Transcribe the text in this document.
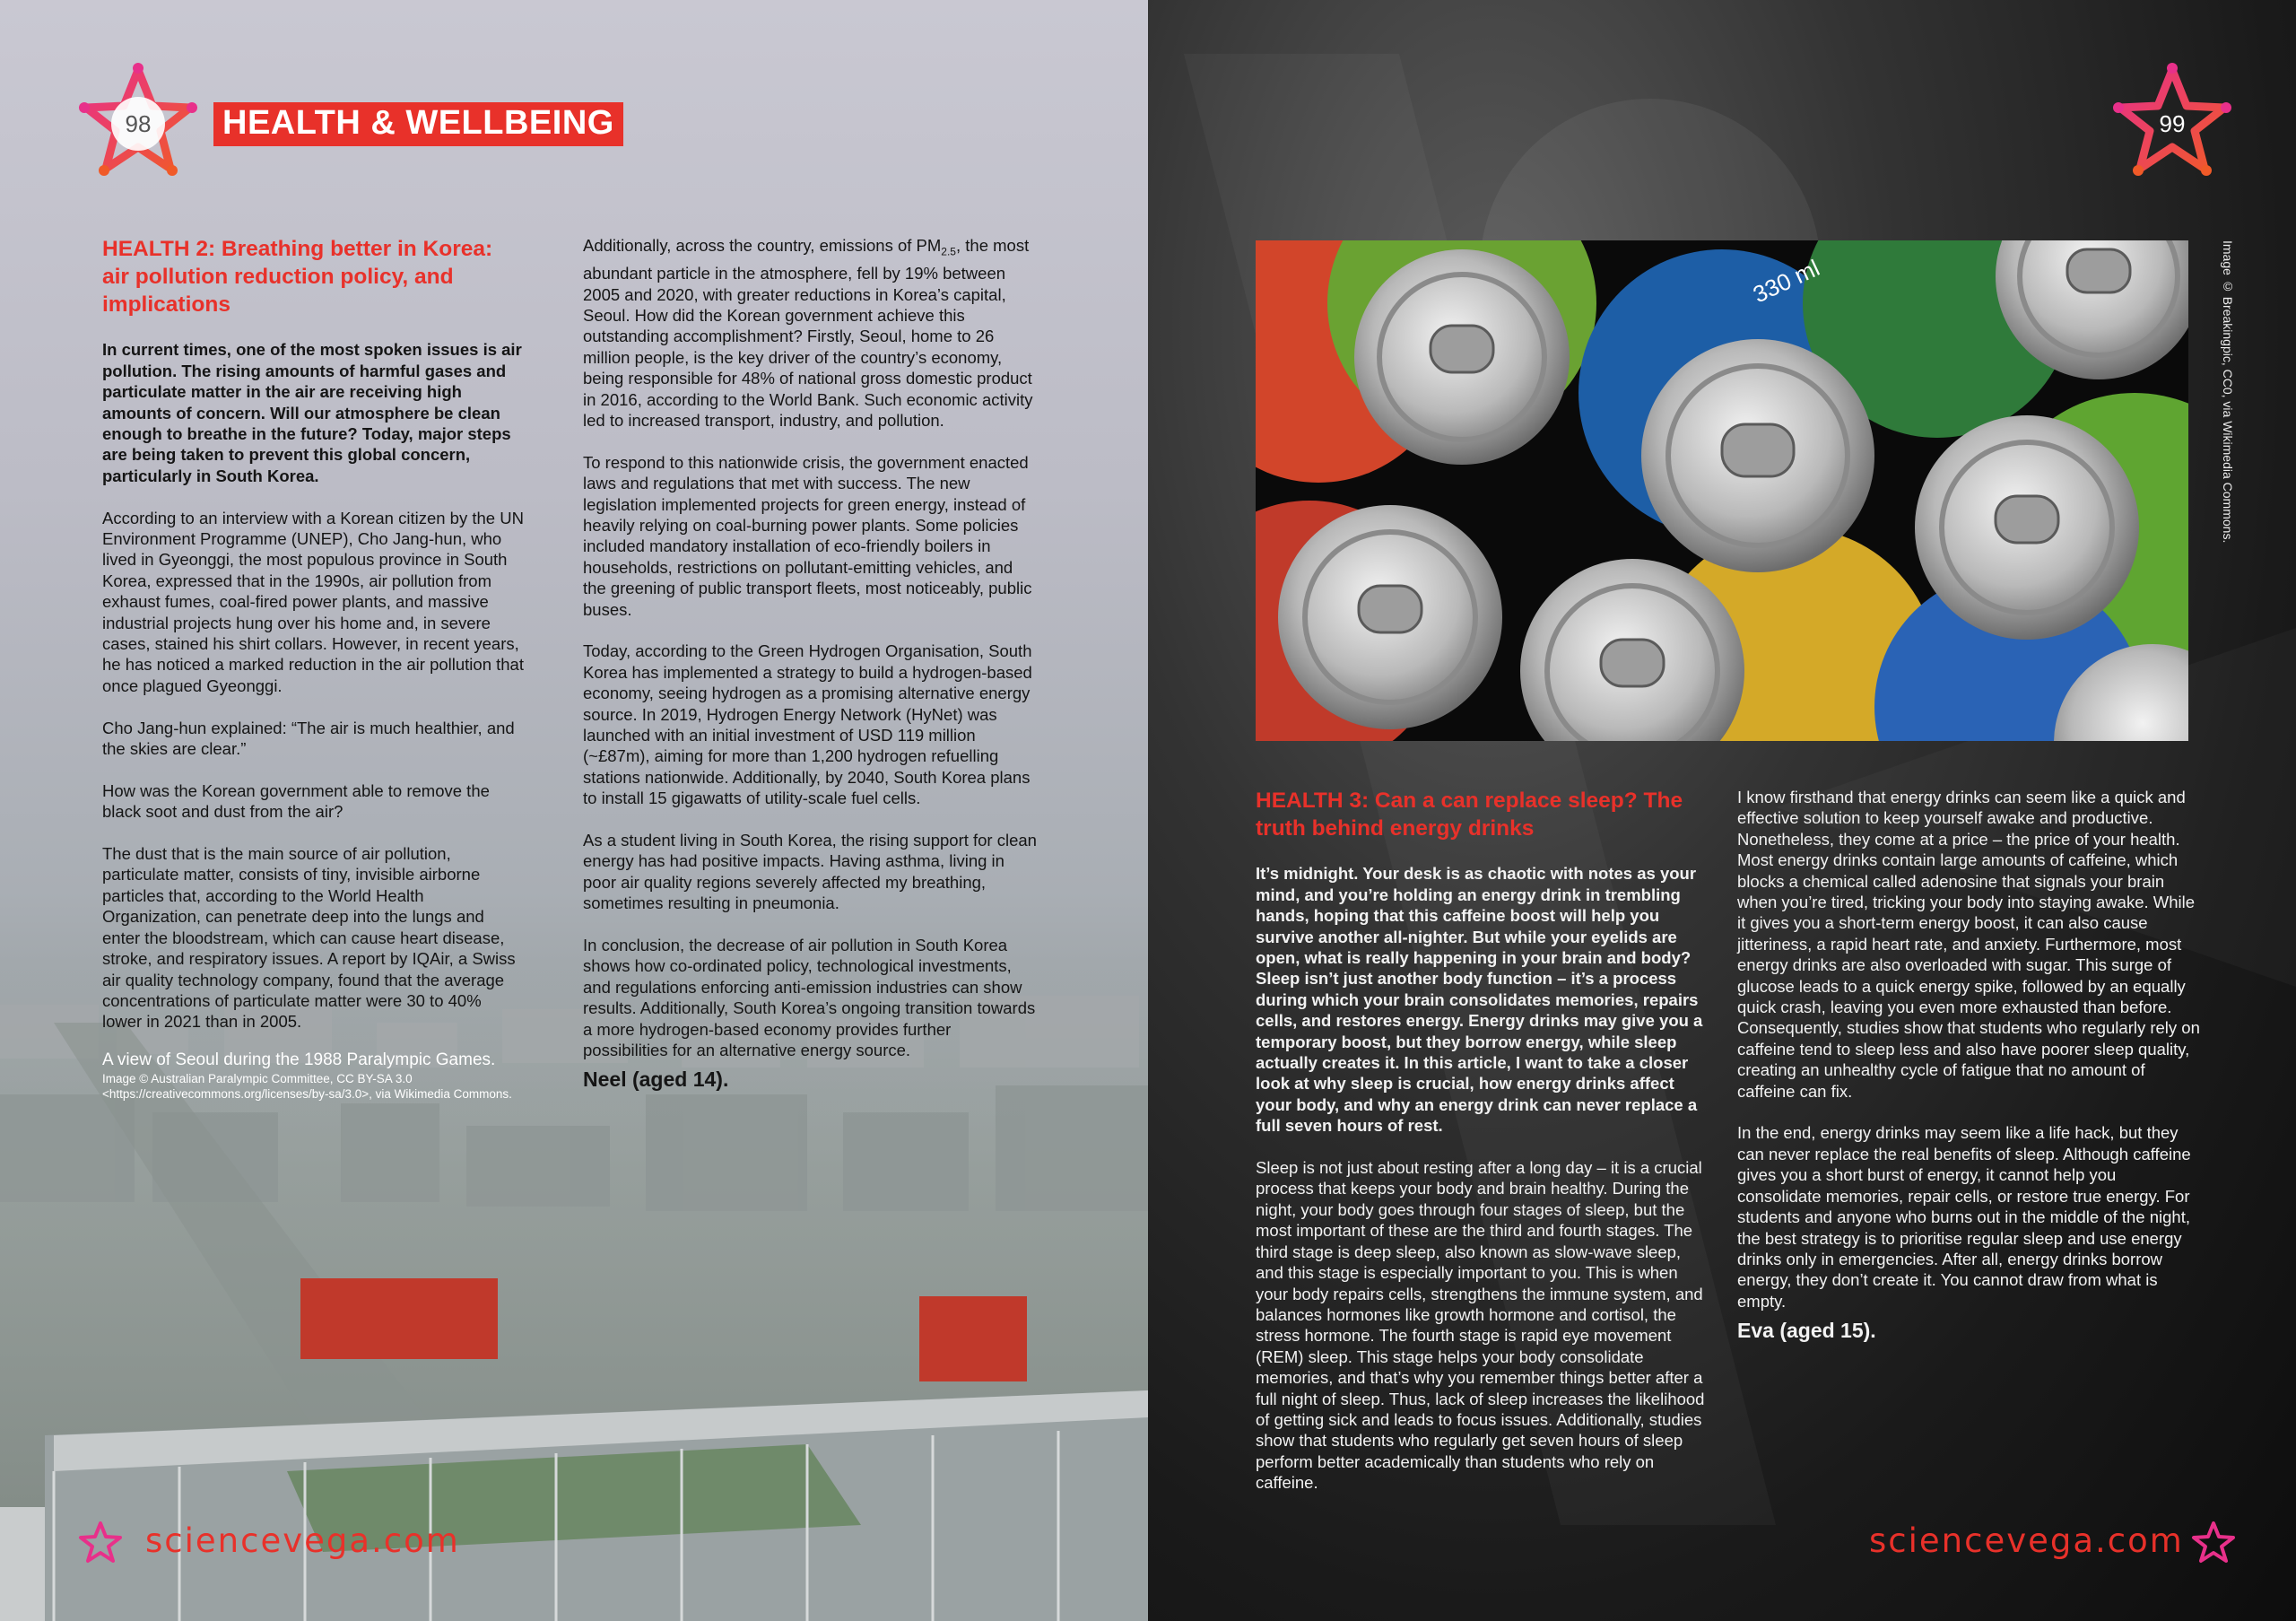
98	HEALTH & WELLBEING

HEALTH 2: Breathing better in Korea: air pollution reduction policy, and implications

In current times, one of the most spoken issues is air pollution. The rising amounts of harmful gases and particulate matter in the air are receiving high amounts of concern. Will our atmosphere be clean enough to breathe in the future? Today, major steps are being taken to prevent this global concern, particularly in South Korea.

According to an interview with a Korean citizen by the UN Environment Programme (UNEP), Cho Jang-hun, who lived in Gyeonggi, the most populous province in South Korea, expressed that in the 1990s, air pollution from exhaust fumes, coal-fired power plants, and massive industrial projects hung over his home and, in severe cases, stained his shirt collars. However, in recent years, he has noticed a marked reduction in the air pollution that once plagued Gyeonggi.

Cho Jang-hun explained: “The air is much healthier, and the skies are clear.”

How was the Korean government able to remove the black soot and dust from the air?

The dust that is the main source of air pollution, particulate matter, consists of tiny, invisible airborne particles that, according to the World Health Organization, can penetrate deep into the lungs and enter the bloodstream, which can cause heart disease, stroke, and respiratory issues. A report by IQAir, a Swiss air quality technology company, found that the average concentrations of particulate matter were 30 to 40% lower in 2021 than in 2005.

Additionally, across the country, emissions of $PM_{2.5}$, the most abundant particle in the atmosphere, fell by 19% between 2005 and 2020, with greater reductions in Korea’s capital, Seoul. How did the Korean government achieve this outstanding accomplishment? Firstly, Seoul, home to 26 million people, is the key driver of the country’s economy, being responsible for 48% of national gross domestic product in 2016, according to the World Bank. Such economic activity led to increased transport, industry, and pollution.

To respond to this nationwide crisis, the government enacted laws and regulations that met with success. The new legislation implemented projects for green energy, instead of heavily relying on coal-burning power plants. Some policies included mandatory installation of eco-friendly boilers in households, restrictions on pollutant-emitting vehicles, and the greening of public transport fleets, most noticeably, public buses.

Today, according to the Green Hydrogen Organisation, South Korea has implemented a strategy to build a hydrogen-based economy, seeing hydrogen as a promising alternative energy source. In 2019, Hydrogen Energy Network (HyNet) was launched with an initial investment of USD 119 million (~£87m), aiming for more than 1,200 hydrogen refuelling stations nationwide. Additionally, by 2040, South Korea plans to install 15 gigawatts of utility-scale fuel cells.

As a student living in South Korea, the rising support for clean energy has had positive impacts. Having asthma, living in poor air quality regions severely affected my breathing, sometimes resulting in pneumonia.

In conclusion, the decrease of air pollution in South Korea shows how co-ordinated policy, technological investments, and regulations enforcing anti-emission industries can show results. Additionally, South Korea’s ongoing transition towards a more hydrogen-based economy provides further possibilities for an alternative energy source.

Neel (aged 14).
A view of Seoul during the 1988 Paralympic Games.
Image © Australian Paralympic Committee, CC BY-SA 3.0 <https://creativecommons.org/licenses/by-sa/3.0>, via Wikimedia Commons.
sciencevega.com
99
330 ml	Image © Breakingpic, CC0, via Wikimedia Commons.

HEALTH 3: Can a can replace sleep? The truth behind energy drinks

It’s midnight. Your desk is as chaotic with notes as your mind, and you’re holding an energy drink in trembling hands, hoping that this caffeine boost will help you survive another all-nighter. But while your eyelids are open, what is really happening in your brain and body? Sleep isn’t just another body function – it’s a process during which your brain consolidates memories, repairs cells, and restores energy. Energy drinks may give you a temporary boost, but they borrow energy, while sleep actually creates it. In this article, I want to take a closer look at why sleep is crucial, how energy drinks affect your body, and why an energy drink can never replace a full seven hours of rest.

Sleep is not just about resting after a long day – it is a crucial process that keeps your body and brain healthy. During the night, your body goes through four stages of sleep, but the most important of these are the third and fourth stages. The third stage is deep sleep, also known as slow-wave sleep, and this stage is especially important to you. This is when your body repairs cells, strengthens the immune system, and balances hormones like growth hormone and cortisol, the stress hormone. The fourth stage is rapid eye movement (REM) sleep. This stage helps your body consolidate memories, and that’s why you remember things better after a full night of sleep. Thus, lack of sleep increases the likelihood of getting sick and leads to focus issues. Additionally, studies show that students who regularly get seven hours of sleep perform better academically than students who rely on caffeine.

I know firsthand that energy drinks can seem like a quick and effective solution to keep yourself awake and productive. Nonetheless, they come at a price – the price of your health. Most energy drinks contain large amounts of caffeine, which blocks a chemical called adenosine that signals your brain when you’re tired, tricking your body into staying awake. While it gives you a short-term energy boost, it can also cause jitteriness, a rapid heart rate, and anxiety. Furthermore, most energy drinks are also overloaded with sugar. This surge of glucose leads to a quick energy spike, followed by an equally quick crash, leaving you even more exhausted than before. Consequently, studies show that students who regularly rely on caffeine tend to sleep less and also have poorer sleep quality, creating an unhealthy cycle of fatigue that no amount of caffeine can fix.

In the end, energy drinks may seem like a life hack, but they can never replace the real benefits of sleep. Although caffeine gives you a short burst of energy, it cannot help you consolidate memories, repair cells, or restore true energy. For students and anyone who burns out in the middle of the night, the best strategy is to prioritise regular sleep and use energy drinks only in emergencies. After all, energy drinks borrow energy, they don’t create it. You cannot draw from what is empty.

Eva (aged 15).
sciencevega.com
